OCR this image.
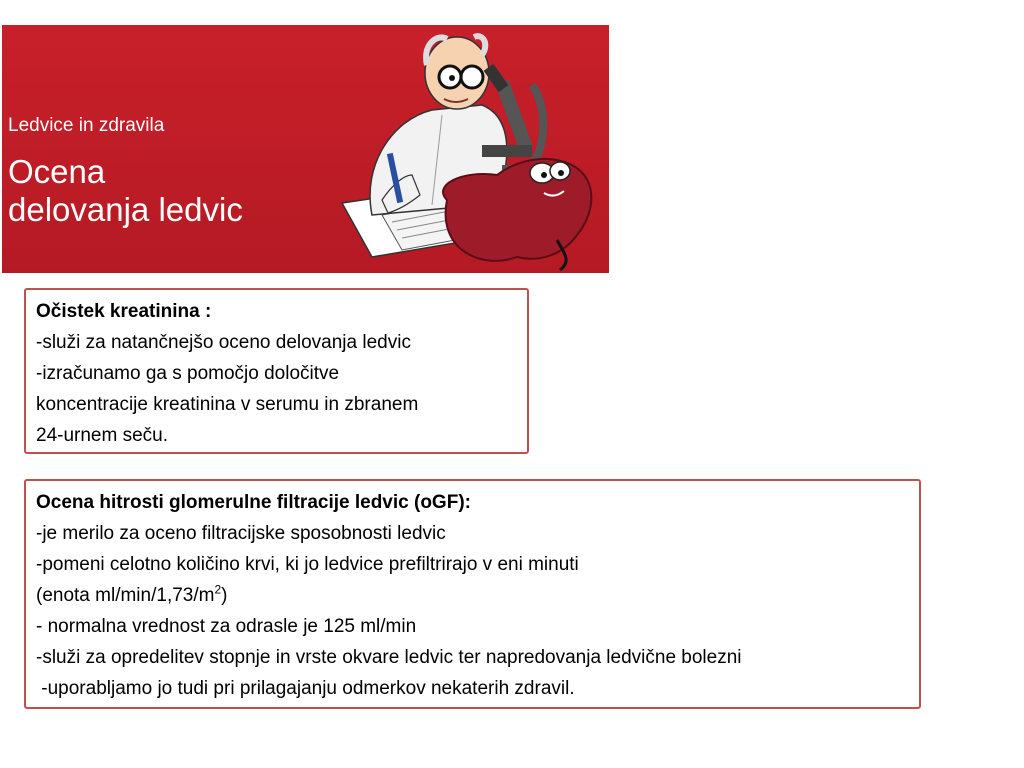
Ledvice in zdravila
Ocena
delovanja ledvic
Očistek kreatinina :
-služi za natančnejšo oceno delovanja ledvic
-izračunamo ga s pomočjo določitve
koncentracije kreatinina v serumu in zbranem
24-urnem seču.
Ocena hitrosti glomerulne filtracije ledvic (oGF):
-je merilo za oceno filtracijske sposobnosti ledvic
-pomeni celotno količino krvi, ki jo ledvice prefiltrirajo v eni minuti
(enota $ml/\min/1,73/m^2$)
- normalna vrednost za odrasle je 125 ml/min
-služi za opredelitev stopnje in vrste okvare ledvic ter napredovanja ledvične bolezni
-uporabljamo jo tudi pri prilagajanju odmerkov nekaterih zdravil.
